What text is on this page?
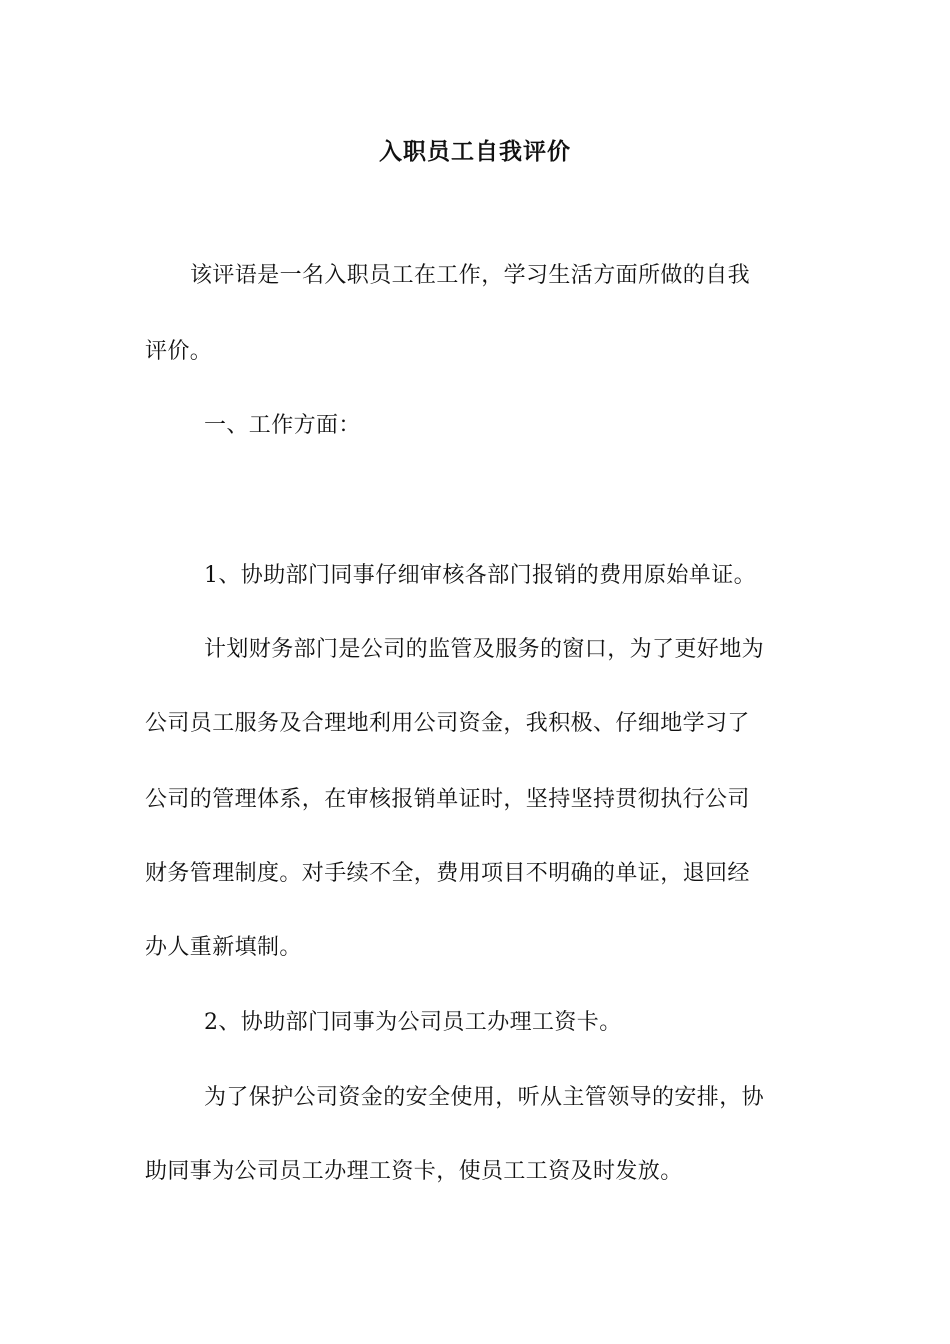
入职员工自我评价

该评语是一名入职员工在工作，学习生活方面所做的自我

评价。

一、工作方面：

1、协助部门同事仔细审核各部门报销的费用原始单证。

计划财务部门是公司的监管及服务的窗口，为了更好地为

公司员工服务及合理地利用公司资金，我积极、仔细地学习了

公司的管理体系，在审核报销单证时，坚持坚持贯彻执行公司

财务管理制度。对手续不全，费用项目不明确的单证，退回经

办人重新填制。

2、协助部门同事为公司员工办理工资卡。

为了保护公司资金的安全使用，听从主管领导的安排，协

助同事为公司员工办理工资卡，使员工工资及时发放。
